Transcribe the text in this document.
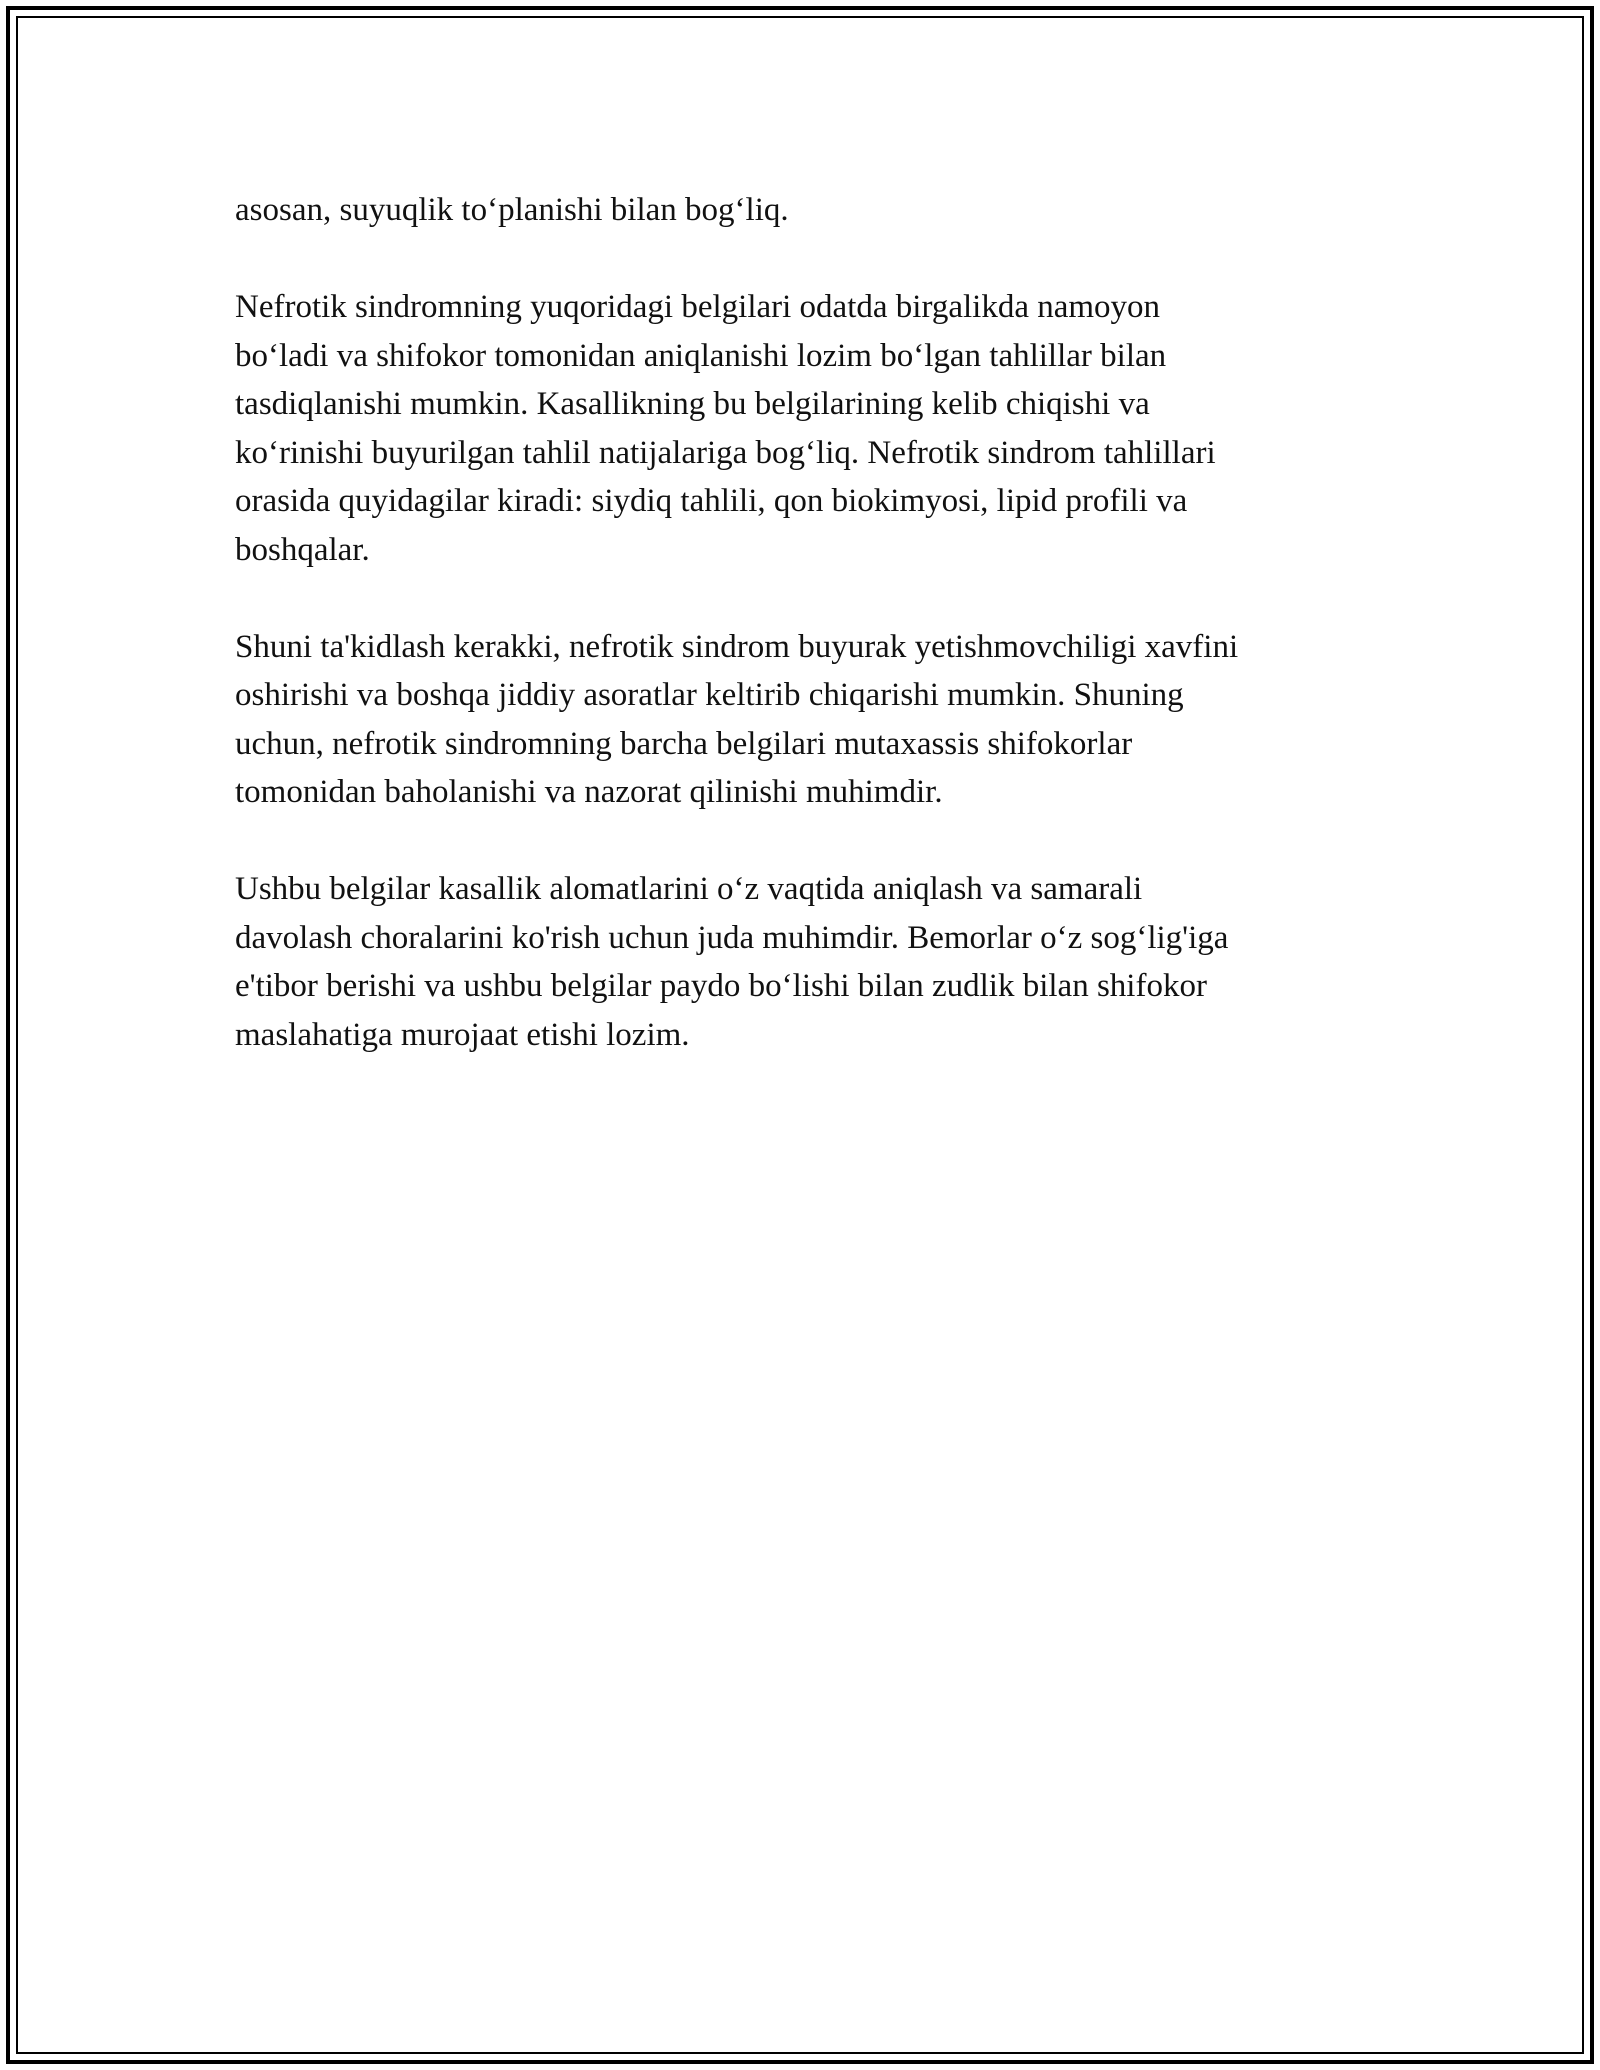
asosan, suyuqlik to‘planishi bilan bog‘liq.

Nefrotik sindromning yuqoridagi belgilari odatda birgalikda namoyon
bo‘ladi va shifokor tomonidan aniqlanishi lozim bo‘lgan tahlillar bilan
tasdiqlanishi mumkin. Kasallikning bu belgilarining kelib chiqishi va
ko‘rinishi buyurilgan tahlil natijalariga bog‘liq. Nefrotik sindrom tahlillari
orasida quyidagilar kiradi: siydiq tahlili, qon biokimyosi, lipid profili va
boshqalar.

Shuni ta'kidlash kerakki, nefrotik sindrom buyurak yetishmovchiligi xavfini
oshirishi va boshqa jiddiy asoratlar keltirib chiqarishi mumkin. Shuning
uchun, nefrotik sindromning barcha belgilari mutaxassis shifokorlar
tomonidan baholanishi va nazorat qilinishi muhimdir.

Ushbu belgilar kasallik alomatlarini o‘z vaqtida aniqlash va samarali
davolash choralarini ko'rish uchun juda muhimdir. Bemorlar o‘z sog‘lig'iga
e'tibor berishi va ushbu belgilar paydo bo‘lishi bilan zudlik bilan shifokor
maslahatiga murojaat etishi lozim.
